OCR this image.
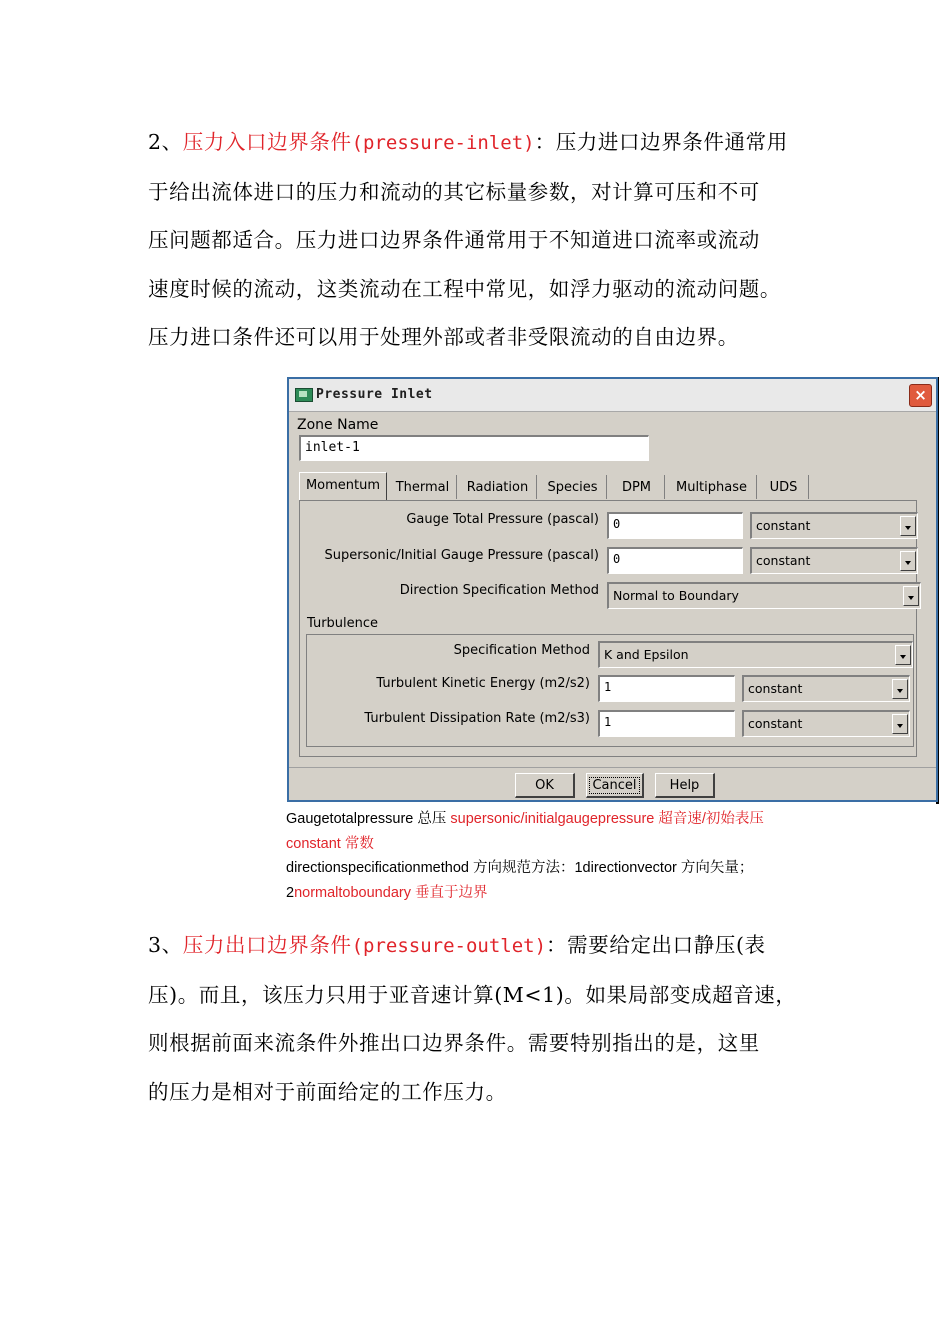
2、压力入口边界条件(pressure-inlet)：压力进口边界条件通常用
于给出流体进口的压力和流动的其它标量参数，对计算可压和不可
压问题都适合。压力进口边界条件通常用于不知道进口流率或流动
速度时候的流动，这类流动在工程中常见，如浮力驱动的流动问题。
压力进口条件还可以用于处理外部或者非受限流动的自由边界。
Pressure Inlet	×
Zone Name
inlet-1
Momentum	Thermal	Radiation	Species	DPM	Multiphase	UDS
Gauge Total Pressure (pascal)	0	constant
Supersonic/Initial Gauge Pressure (pascal)	0	constant
Direction Specification Method	Normal to Boundary
Turbulence
Specification Method	K and Epsilon
Turbulent Kinetic Energy (m2/s2)	1	constant
Turbulent Dissipation Rate (m2/s3)	1	constant
OK	Cancel	Help
Gaugetotalpressure 总压 supersonic/initialgaugepressure 超音速/初始表压
constant 常数
directionspecificationmethod 方向规范方法：1directionvector 方向矢量；
2normaltoboundary 垂直于边界
3、压力出口边界条件(pressure-outlet)：需要给定出口静压(表
压)。而且，该压力只用于亚音速计算(M<1)。如果局部变成超音速，
则根据前面来流条件外推出口边界条件。需要特别指出的是，这里
的压力是相对于前面给定的工作压力。
